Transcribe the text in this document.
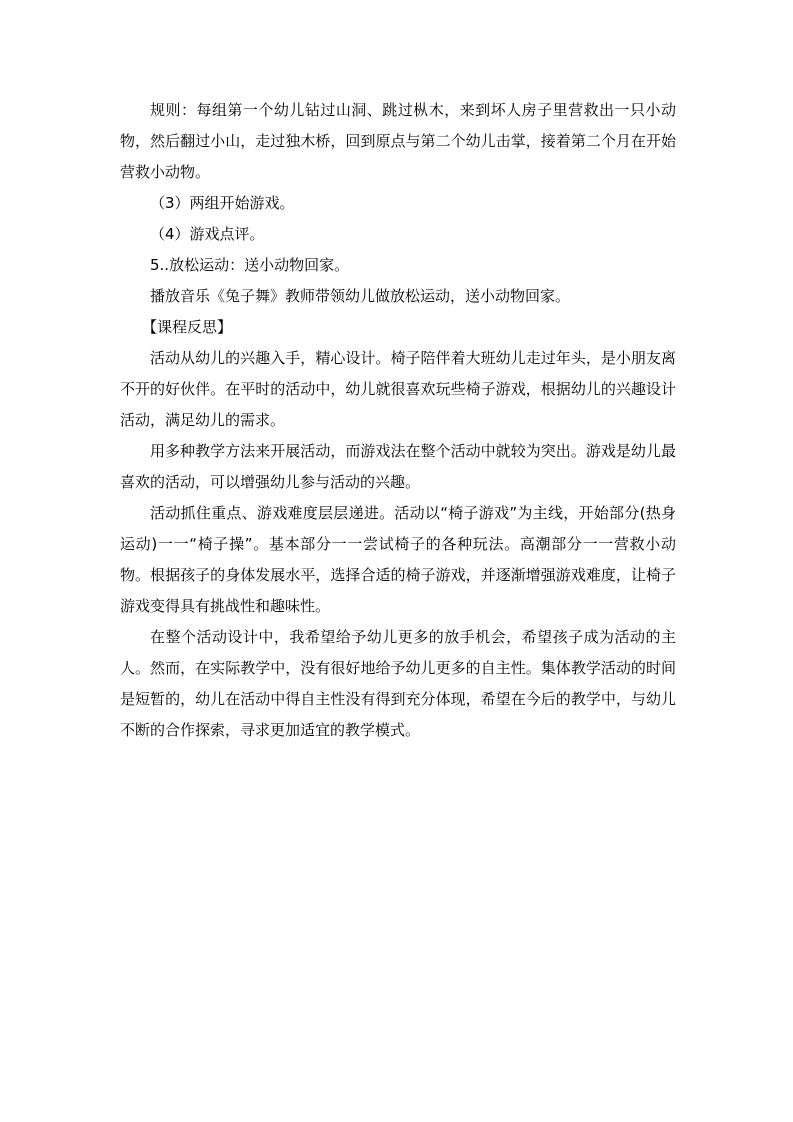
规则：每组第一个幼儿钻过山洞、跳过枞木，来到坏人房子里营救出一只小动物，然后翻过小山，走过独木桥，回到原点与第二个幼儿击掌，接着第二个月在开始营救小动物。

（3）两组开始游戏。

（4）游戏点评。

5..放松运动：送小动物回家。

播放音乐《兔子舞》教师带领幼儿做放松运动，送小动物回家。

【课程反思】

活动从幼儿的兴趣入手，精心设计。椅子陪伴着大班幼儿走过年头，是小朋友离不开的好伙伴。在平时的活动中，幼儿就很喜欢玩些椅子游戏，根据幼儿的兴趣设计活动，满足幼儿的需求。

用多种教学方法来开展活动，而游戏法在整个活动中就较为突出。游戏是幼儿最喜欢的活动，可以增强幼儿参与活动的兴趣。

活动抓住重点、游戏难度层层递进。活动以“椅子游戏”为主线，开始部分(热身运动)一一“椅子操”。基本部分一一尝试椅子的各种玩法。高潮部分一一营救小动物。根据孩子的身体发展水平，选择合适的椅子游戏，并逐渐增强游戏难度，让椅子游戏变得具有挑战性和趣味性。

在整个活动设计中，我希望给予幼儿更多的放手机会，希望孩子成为活动的主人。然而，在实际教学中，没有很好地给予幼儿更多的自主性。集体教学活动的时间是短暂的，幼儿在活动中得自主性没有得到充分体现，希望在今后的教学中，与幼儿不断的合作探索，寻求更加适宜的教学模式。
